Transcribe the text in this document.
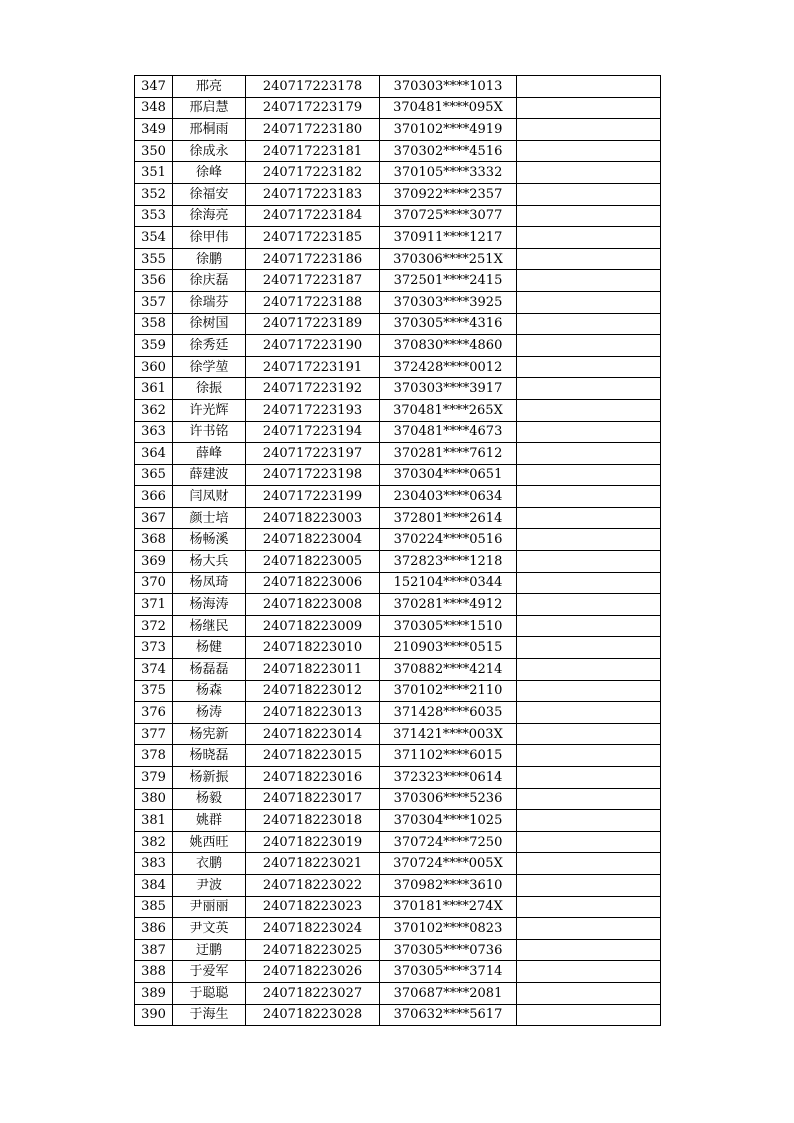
347	邢亮	240717223178	370303****1013	
348	邢启慧	240717223179	370481****095X	
349	邢桐雨	240717223180	370102****4919	
350	徐成永	240717223181	370302****4516	
351	徐峰	240717223182	370105****3332	
352	徐福安	240717223183	370922****2357	
353	徐海亮	240717223184	370725****3077	
354	徐甲伟	240717223185	370911****1217	
355	徐鹏	240717223186	370306****251X	
356	徐庆磊	240717223187	372501****2415	
357	徐瑞芬	240717223188	370303****3925	
358	徐树国	240717223189	370305****4316	
359	徐秀廷	240717223190	370830****4860	
360	徐学堃	240717223191	372428****0012	
361	徐振	240717223192	370303****3917	
362	许光辉	240717223193	370481****265X	
363	许书铭	240717223194	370481****4673	
364	薛峰	240717223197	370281****7612	
365	薛建波	240717223198	370304****0651	
366	闫凤财	240717223199	230403****0634	
367	颜士培	240718223003	372801****2614	
368	杨畅溪	240718223004	370224****0516	
369	杨大兵	240718223005	372823****1218	
370	杨凤琦	240718223006	152104****0344	
371	杨海涛	240718223008	370281****4912	
372	杨继民	240718223009	370305****1510	
373	杨健	240718223010	210903****0515	
374	杨磊磊	240718223011	370882****4214	
375	杨森	240718223012	370102****2110	
376	杨涛	240718223013	371428****6035	
377	杨宪新	240718223014	371421****003X	
378	杨晓磊	240718223015	371102****6015	
379	杨新振	240718223016	372323****0614	
380	杨毅	240718223017	370306****5236	
381	姚群	240718223018	370304****1025	
382	姚西旺	240718223019	370724****7250	
383	衣鹏	240718223021	370724****005X	
384	尹波	240718223022	370982****3610	
385	尹丽丽	240718223023	370181****274X	
386	尹文英	240718223024	370102****0823	
387	迂鹏	240718223025	370305****0736	
388	于爱军	240718223026	370305****3714	
389	于聪聪	240718223027	370687****2081	
390	于海生	240718223028	370632****5617	
